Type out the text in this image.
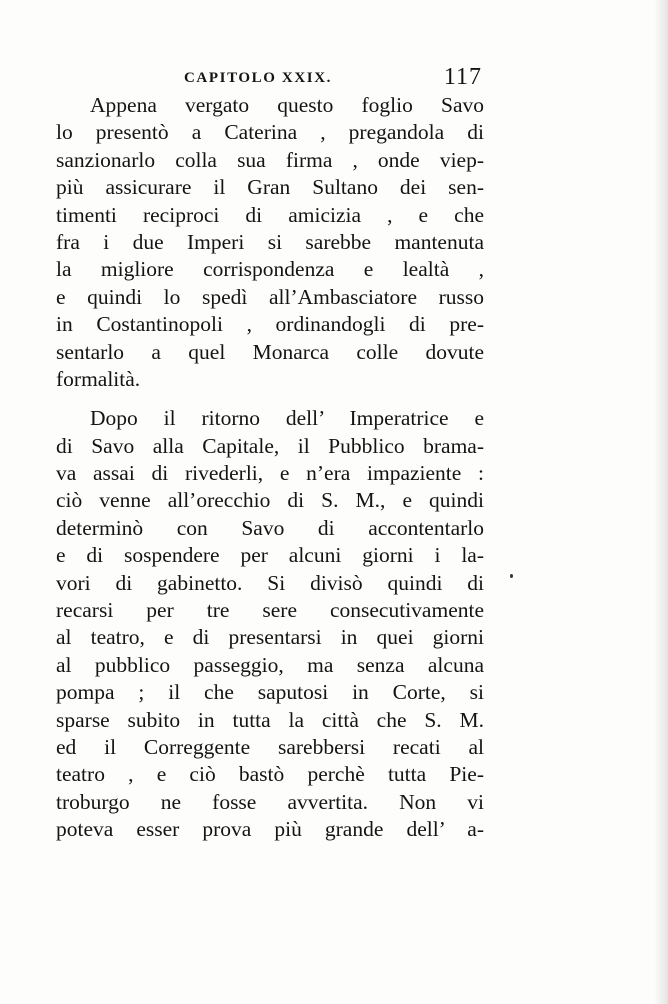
CAPITOLO XXIX.	117
Appena vergato questo foglio Savo
lo presentò a Caterina , pregandola di
sanzionarlo colla sua firma , onde viep-
più assicurare il Gran Sultano dei sen-
timenti reciproci di amicizia , e che
fra i due Imperi si sarebbe mantenuta
la migliore corrispondenza e lealtà ,
e quindi lo spedì all’Ambasciatore russo
in Costantinopoli , ordinandogli di pre-
sentarlo a quel Monarca colle dovute
formalità.
Dopo il ritorno dell’ Imperatrice e
di Savo alla Capitale, il Pubblico brama-
va assai di rivederli, e n’era impaziente :
ciò venne all’orecchio di S. M., e quindi
determinò con Savo di accontentarlo
e di sospendere per alcuni giorni i la-
vori di gabinetto. Si divisò quindi di
recarsi per tre sere consecutivamente
al teatro, e di presentarsi in quei giorni
al pubblico passeggio, ma senza alcuna
pompa ; il che saputosi in Corte, si
sparse subito in tutta la città che S. M.
ed il Correggente sarebbersi recati al
teatro , e ciò bastò perchè tutta Pie-
troburgo ne fosse avvertita. Non vi
poteva esser prova più grande dell’ a-
